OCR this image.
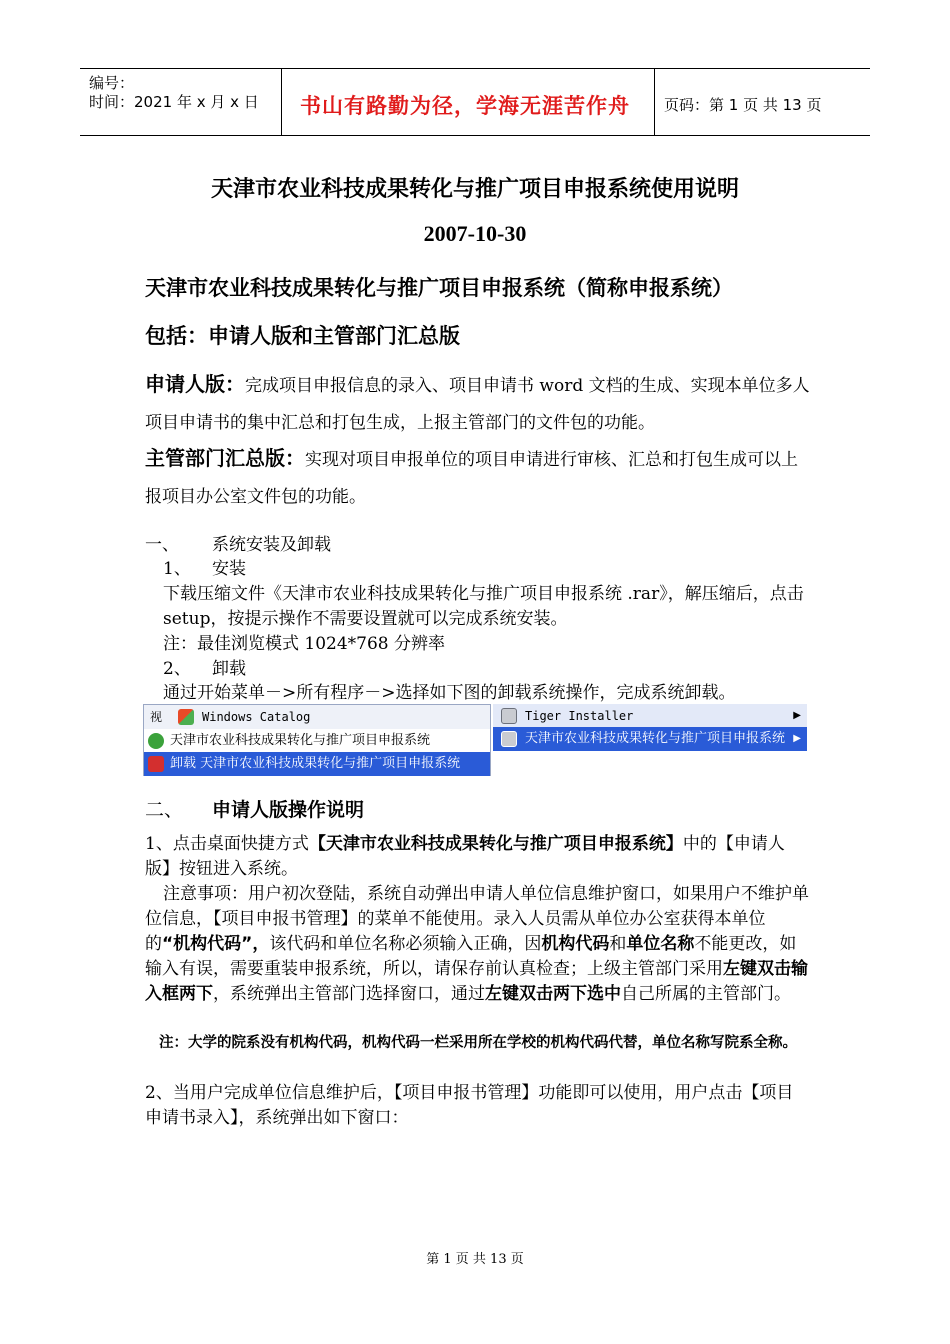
编号：
时间：2021 年 x 月 x 日 书山有路勤为径，学海无涯苦作舟 页码：第 1 页 共 13 页
天津市农业科技成果转化与推广项目申报系统使用说明
2007-10-30
天津市农业科技成果转化与推广项目申报系统（简称申报系统）
包括：申请人版和主管部门汇总版
申请人版：完成项目申报信息的录入、项目申请书 word 文档的生成、实现本单位多人项目申请书的集中汇总和打包生成，上报主管部门的文件包的功能。
主管部门汇总版：实现对项目申报单位的项目申请进行审核、汇总和打包生成可以上报项目办公室文件包的功能。
一、 系统安装及卸载
1、 安装
下载压缩文件《天津市农业科技成果转化与推广项目申报系统 .rar》，解压缩后，点击 setup，按提示操作不需要设置就可以完成系统安装。
注：最佳浏览模式 1024*768 分辨率
2、 卸载
通过开始菜单－>所有程序－>选择如下图的卸载系统操作，完成系统卸载。
视	Windows Catalog
天津市农业科技成果转化与推广项目申报系统
卸载 天津市农业科技成果转化与推广项目申报系统
Tiger Installer	▶
天津市农业科技成果转化与推广项目申报系统 ▶
二、 申请人版操作说明
1、点击桌面快捷方式【天津市农业科技成果转化与推广项目申报系统】中的【申请人版】按钮进入系统。
注意事项：用户初次登陆，系统自动弹出申请人单位信息维护窗口，如果用户不维护单位信息，【项目申报书管理】的菜单不能使用。录入人员需从单位办公室获得本单位的“机构代码”，该代码和单位名称必须输入正确，因机构代码和单位名称不能更改，如输入有误，需要重装申报系统，所以，请保存前认真检查；上级主管部门采用左键双击输入框两下，系统弹出主管部门选择窗口，通过左键双击两下选中自己所属的主管部门。
注：大学的院系没有机构代码，机构代码一栏采用所在学校的机构代码代替，单位名称写院系全称。
2、当用户完成单位信息维护后，【项目申报书管理】功能即可以使用，用户点击【项目申请书录入】，系统弹出如下窗口：
第 1 页 共 13 页
